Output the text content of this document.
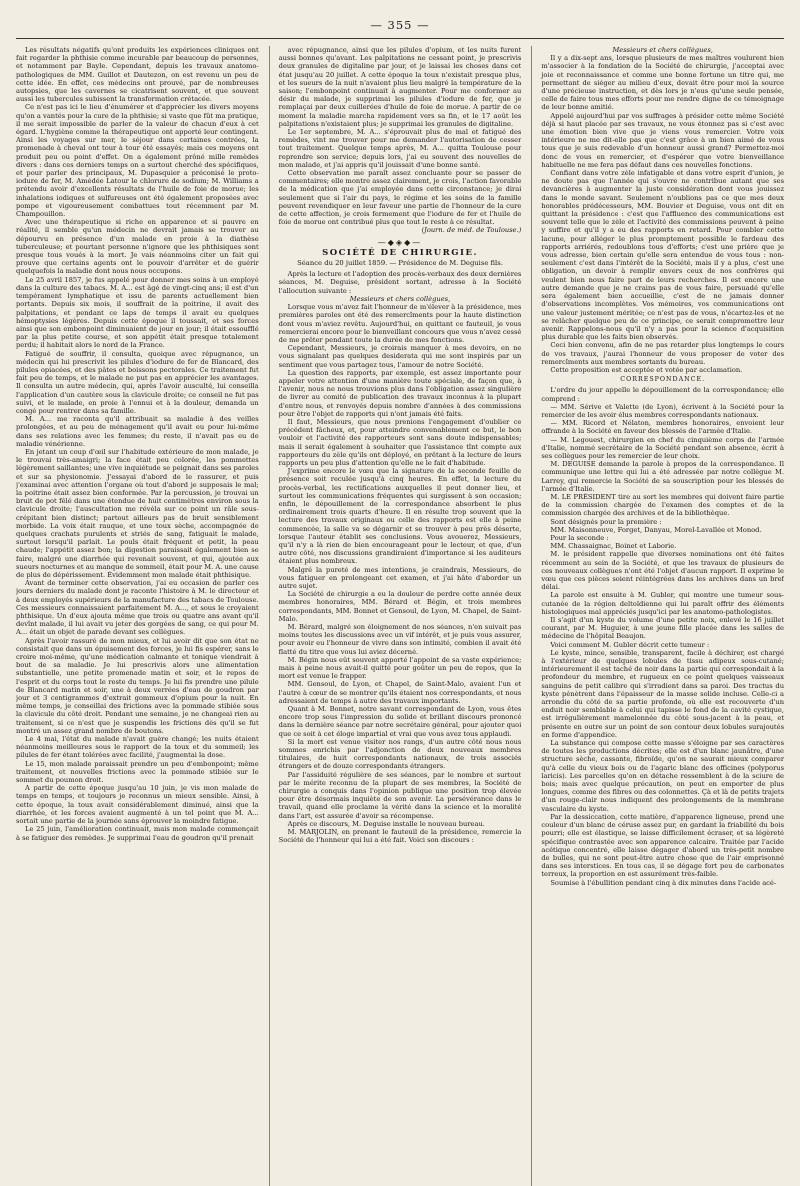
— 355 —

Les résultats négatifs qu'ont produits les expériences cliniques ont fait regarder la phthisie comme incurable par beaucoup de personnes, et notamment par Bayle. Cependant, depuis les travaux anatomo-pathologiques de MM. Guillot et Dautezon, on est revenu un peu de cette idée. En effet, ces médecins ont prouvé, par de nombreuses autopsies, que les cavernes se cicatrisent souvent, et que souvent aussi les tubercules subissent la transformation crétacée.

Ce n'est pas ici le lieu d'énumérer et d'apprécier les divers moyens qu'on a vantés pour la cure de la phthisie; si vaste que fût ma pratique, il me serait impossible de parler de la valeur de chacun d'eux à cet égard. L'hygiène comme la thérapeutique ont apporté leur contingent. Ainsi les voyages sur mer, le séjour dans certaines contrées, la promenade à cheval ont tour à tour été essayés; mais ces moyens ont produit peu ou point d'effet. On a également prôné mille remèdes divers : dans ces derniers temps on a surtout cherché des spécifiques, et pour parler des principaux, M. Dupasquier a préconisé le proto-iodure de fer, M. Amédée Latour le chlorure de sodium; M. Williams a prétendu avoir d'excellents résultats de l'huile de foie de morue; les inhalations iodiques et sulfureuses ont été également proposées avec pompe et vigoureusement combattues tout récemment par M. Champouillon.

Avec une thérapeutique si riche en apparence et si pauvre en réalité, il semble qu'un médecin ne devrait jamais se trouver au dépourvu en présence d'un malade en proie à la diathèse tuberculeuse; et pourtant personne n'ignore que les phthisiques sont presque tous voués à la mort. Je vais néanmoins citer un fait qui prouve que certains agents ont le pouvoir d'arrêter et de guérir quelquefois la maladie dont nous nous occupons.

Le 25 avril 1857, je fus appelé pour donner mes soins à un employé dans la culture des tabacs. M. A... est âgé de vingt-cinq ans; il est d'un tempérament lymphatique et issu de parents actuellement bien portants. Depuis six mois, il souffrait de la poitrine, il avait des palpitations, et pendant ce laps de temps il avait eu quelques hémoptysies légères. Depuis cette époque il toussait, et ses forces ainsi que son embonpoint diminuaient de jour en jour; il était essoufflé par la plus petite course, et son appétit était presque totalement perdu; il habitait alors le nord de la France.

Fatigué de souffrir, il consulta, quoique avec répugnance, un médecin qui lui prescrivit les pilules d'iodure de fer de Blancard, des pilules opiacées, et des pâtes et boissons pectorales. Ce traitement fut fait peu de temps, et le malade ne put pas en apprécier les avantages. Il consulta un autre médecin, qui, après l'avoir ausculté, lui conseilla l'application d'un cautère sous la clavicule droite; ce conseil ne fut pas suivi, et le malade, en proie à l'ennui et à la douleur, demanda un congé pour rentrer dans sa famille.

M. A... me raconta qu'il attribuait sa maladie à des veilles prolongées, et au peu de ménagement qu'il avait eu pour lui-même dans ses relations avec les femmes; du reste, il n'avait pas eu de maladie vénérienne.

En jetant un coup d'œil sur l'habitude extérieure de mon malade, je le trouvai très-amaigri; la face était peu colorée, les pommettes légèrement saillantes; une vive inquiétude se peignait dans ses paroles et sur sa physionomie. J'essayai d'abord de le rassurer, et puis j'examinai avec attention l'organe où tout d'abord je supposais le mal; la poitrine était assez bien conformée. Par la percussion, je trouvai un bruit de pot fêlé dans une étendue de huit centimètres environ sous la clavicule droite; l'auscultation me révéla sur ce point un râle sous-crépitant bien distinct; partout ailleurs pas de bruit sensiblement morbide. La voix était rauque, et une toux sèche, accompagnée de quelques crachats purulents et striés de sang, fatiguait le malade, surtout lorsqu'il parlait. Le pouls était fréquent et petit, la peau chaude; l'appétit assez bon; la digestion paraissait également bien se faire, malgré une diarrhée qui revenait souvent, et qui, ajoutée aux sueurs nocturnes et au manque de sommeil, était pour M. A. une cause de plus de dépérissement. Évidemment mon malade était phthisique.

Avant de terminer cette observation, j'ai eu occasion de parler ces jours derniers du malade dont je raconte l'histoire à M. le directeur et à deux employés supérieurs de la manufacture des tabacs de Toulouse. Ces messieurs connaissaient parfaitement M. A..., et sous le croyaient phthisique. Un d'eux ajouta même que trois ou quatre ans avant qu'il devînt malade, il lui avait vu jeter des gorgées de sang, ce qui pour M. A... était un objet de parade devant ses collègues.

Après l'avoir rassuré de mon mieux, et lui avoir dit que son état ne consistait que dans un épuisement des forces, je lui fis espérer, sans le croire moi-même, qu'une médication calmante et tonique viendrait à bout de sa maladie. Je lui prescrivis alors une alimentation substantielle, une petite promenade matin et soir, et le repos de l'esprit et du corps tout le reste du temps. Je lui fis prendre une pilule de Blancard matin et soir, une à deux verrées d'eau de goudron par jour et 3 centigrammes d'extrait gommeux d'opium pour la nuit. En même temps, je conseillai des frictions avec la pommade stibiée sous la clavicule du côté droit. Pendant une semaine, je ne changeai rien au traitement, si ce n'est que je suspendis les frictions dès qu'il se fut montré un assez grand nombre de boutons.

Le 4 mai, l'état du malade n'avait guère changé; les nuits étaient néanmoins meilleures sous le rapport de la toux et du sommeil; les pilules de fer étant tolérées avec facilité, j'augmentai la dose.

Le 15, mon malade paraissait prendre un peu d'embonpoint; même traitement, et nouvelles frictions avec la pommade stibiée sur le sommet du poumon droit.

A partir de cette époque jusqu'au 10 juin, je vis mon malade de temps en temps, et toujours je reconnus un mieux sensible. Ainsi, à cette époque, la toux avait considérablement diminué, ainsi que la diarrhée, et les forces avaient augmenté à un tel point que M. A... sortait une partie de la journée sans éprouver la moindre fatigue.

Le 25 juin, l'amélioration continuait, mais mon malade commençait à se fatiguer des remèdes. Je supprimai l'eau de goudron qu'il prenait

avec répugnance, ainsi que les pilules d'opium, et les nuits furent aussi bonnes qu'avant. Les palpitations ne cessant point, je prescrivis deux granules de digitaline par jour, et je laissai les choses dans cet état jusqu'au 20 juillet. A cette époque la toux n'existait presque plus, et les sueurs de la nuit n'avaient plus lieu malgré la température de la saison; l'embonpoint continuait à augmenter. Pour me conformer au désir du malade, je supprimai les pilules d'iodure de fer, que je remplaçai par deux cuillerées d'huile de foie de morue. A partir de ce moment la maladie marcha rapidement vers sa fin, et le 17 août les palpitations n'existaient plus; je supprimai les granules de digitaline.

Le 1er septembre, M. A... s'éprouvait plus de mal et fatigué des remèdes, vint me trouver pour me demander l'autorisation de cesser tout traitement. Quelque temps après, M. A... quitta Toulouse pour reprendre son service; depuis lors, j'ai eu souvent des nouvelles de mon malade, et j'ai appris qu'il jouissait d'une bonne santé.

Cette observation me paraît assez concluante pour se passer de commentaires; elle montre assez clairement, je crois, l'action favorable de la médication que j'ai employée dans cette circonstance; je dirai seulement que si l'air du pays, le régime et les soins de la famille peuvent revendiquer en leur faveur une partie de l'honneur de la cure de cette affection, je crois fermement que l'iodure de fer et l'huile de foie de morue ont contribué plus que tout le reste à ce résultat.

(Journ. de méd. de Toulouse.)

—◆◈◆—

SOCIÉTÉ DE CHIRURGIE.

Séance du 20 juillet 1859. — Présidence de M. Deguise fils.

Après la lecture et l'adoption des procès-verbaux des deux dernières séances, M. Deguise, président sortant, adresse à la Société l'allocution suivante :

Messieurs et chers collègues,

Lorsque vous m'avez fait l'honneur de m'élever à la présidence, mes premières paroles ont été des remercîments pour la haute distinction dont vous m'aviez revêtu. Aujourd'hui, en quittant ce fauteuil, je vous remercierai encore pour le bienveillant concours que vous n'avez cessé de me prêter pendant toute la durée de mes fonctions.

Cependant, Messieurs, je croirais manquer à mes devoirs, en ne vous signalant pas quelques desiderata qui me sont inspirés par un sentiment que vous partagez tous, l'amour de notre Société.

La question des rapports, par exemple, est assez importante pour appeler votre attention d'une manière toute spéciale, de façon que, à l'avenir, nous ne nous trouvions plus dans l'obligation assez singulière de livrer au comité de publication des travaux inconnus à la plupart d'entre nous, et renvoyés depuis nombre d'années à des commissions pour être l'objet de rapports qui n'ont jamais été faits.

Il faut, Messieurs, que nous prenions l'engagement d'oublier ce précédent fâcheux, et, pour atteindre convenablement ce but, le bon vouloir et l'activité des rapporteurs sont sans doute indispensables; mais il serait également à souhaiter que l'assistance tînt compte aux rapporteurs du zèle qu'ils ont déployé, en prêtant à la lecture de leurs rapports un peu plus d'attention qu'elle ne le fait d'habitude.

J'exprime encore le vœu que la signature de la seconde feuille de présence soit reculée jusqu'à cinq heures. En effet, la lecture du procès-verbal, les rectifications auxquelles il peut donner lieu, et surtout les communications fréquentes qui surgissent à son occasion; enfin, le dépouillement de la correspondance absorbent le plus ordinairement trois quarts d'heure. Il en résulte trop souvent que la lecture des travaux originaux ou celle des rapports est elle à peine commencée, la salle va se dégarnir et se trouver à peu près déserte, lorsque l'auteur établit ses conclusions. Vous avouerez, Messieurs, qu'il n'y a là rien de bien encourageant pour le lecteur, et que, d'un autre côté, nos discussions grandiraient d'importance si les auditeurs étaient plus nombreux.

Malgré la pureté de mes intentions, je craindrais, Messieurs, de vous fatiguer en prolongeant cet examen, et j'ai hâte d'aborder un autre sujet.

La Société de chirurgie a eu la douleur de perdre cette année deux membres honoraires, MM. Bérard et Bégin, et trois membres correspondants, MM. Bonnet et Gensoul, de Lyon, M. Chapel, de Saint-Malo.

M. Bérard, malgré son éloignement de nos séances, n'en suivait pas moins toutes les discussions avec un vif intérêt, et je puis vous assurer, pour avoir eu l'honneur de vivre dans son intimité, combien il avait été flatté du titre que vous lui aviez décerné.

M. Bégin nous eût souvent apporté l'appoint de sa vaste expérience; mais à peine nous avait-il quitté pour goûter un peu de repos, que la mort est venue le frapper.

MM. Gensoul, de Lyon, et Chapel, de Saint-Malo, avaient l'un et l'autre à cœur de se montrer qu'ils étaient nos correspondants, et nous adressaient de temps à autre des travaux importants.

Quant à M. Bonnet, notre savant correspondant de Lyon, vous êtes encore trop sous l'impression du solide et brillant discours prononcé dans la dernière séance par notre secrétaire général, pour ajouter quoi que ce soit à cet éloge impartial et vrai que vous avez tous applaudi.

Si la mort est venue visiter nos rangs, d'un autre côté nous nous sommes enrichis par l'adjonction de deux nouveaux membres titulaires, de huit correspondants nationaux, de trois associés étrangers et de douze correspondants étrangers.

Par l'assiduité régulière de ses séances, par le nombre et surtout par le mérite reconnu de la plupart de ses membres, la Société de chirurgie a conquis dans l'opinion publique une position trop élevée pour être désormais inquiète de son avenir. La persévérance dans le travail, quand elle proclame la vérité dans la science et la moralité dans l'art, est assurée d'avoir sa récompense.

Après ce discours, M. Deguise installe le nouveau bureau.

M. MARJOLIN, en prenant le fauteuil de la présidence, remercie la Société de l'honneur qui lui a été fait. Voici son discours :

Messieurs et chers collègues,

Il y a dix-sept ans, lorsque plusieurs de mes maîtres voulurent bien m'associer à la fondation de la Société de chirurgie, j'acceptai avec joie et reconnaissance et comme une bonne fortune un titre qui, me permettant de siéger au milieu d'eux, devait être pour moi la source d'une précieuse instruction, et dès lors je n'eus qu'une seule pensée, celle de faire tous mes efforts pour me rendre digne de ce témoignage de leur bonne amitié.

Appelé aujourd'hui par vos suffrages à présider cette même Société déjà si haut placée par ses travaux, ne vous étonnez pas si c'est avec une émotion bien vive que je viens vous remercier. Votre voix intérieure ne me dit-elle pas que c'est grâce à un bien aimé de vous tous que je suis redevable d'un honneur aussi grand? Permettez-moi donc de vous en remercier, et d'espérer que votre bienveillance habituelle ne me fera pas défaut dans ces nouvelles fonctions.

Confiant dans votre zèle infatigable et dans votre esprit d'union, je ne doute pas que l'année qui s'ouvre ne contribue autant que ses devancières à augmenter la juste considération dont vous jouissez dans le monde savant. Seulement n'oublions pas ce que mes deux honorables prédécesseurs, MM. Bouvier et Deguise, vous ont dit en quittant la présidence : c'est que l'affluence des communications est souvent telle que le zèle et l'activité des commissions peuvent à peine y suffire et qu'il y a eu des rapports en retard. Pour combler cette lacune, pour alléger le plus promptement possible le fardeau des rapports arriérés, redoublons tous d'efforts; c'est une prière que je vous adresse, bien certain qu'elle sera entendue de vous tous : non-seulement c'est dans l'intérêt de la Société, mais il y a plus, c'est une obligation, un devoir à remplir envers ceux de nos confrères qui veulent bien nous faire part de leurs recherches. Il est encore une autre demande que je ne crains pas de vous faire, persuadé qu'elle sera également bien accueillie, c'est de ne jamais donner d'observations incomplètes. Vos mémoires, vos communications ont une valeur justement méritée; ce n'est pas de vous, n'écartez-les et ne se relâcher quelque peu de ce principe, ce serait compromettre leur avenir. Rappelons-nous qu'il n'y a pas pour la science d'acquisition plus durable que les faits bien observés.

Ceci bien convenu, afin de ne pas retarder plus longtemps le cours de vos travaux, j'aurai l'honneur de vous proposer de voter des remercîments aux membres sortants du bureau.

Cette proposition est acceptée et votée par acclamation.

CORRESPONDANCE.

L'ordre du jour appelle le dépouillement de la correspondance; elle comprend :

— MM. Sérive et Valette (de Lyon), écrivent à la Société pour la remercier de les avoir élus membres correspondants nationaux.

— MM. Ricord et Nélaton, membres honoraires, envoient leur offrande à la Société en faveur des blessés de l'armée d'Italie.

— M. Legouest, chirurgien en chef du cinquième corps de l'armée d'Italie, nommé secrétaire de la Société pendant son absence, écrit à ses collègues pour les remercier de leur choix.

M. DEGUISE demande la parole à propos de la correspondance. Il communique une lettre qui lui a été adressée par notre collègue M. Larrey, qui remercie la Société de sa souscription pour les blessés de l'armée d'Italie.

M. LE PRÉSIDENT tire au sort les membres qui doivent faire partie de la commission chargée de l'examen des comptes et de la commission chargée des archives et de la bibliothèque.

Sont désignés pour la première :

MM. Maisonneuve, Forget, Danyau, Morel-Lavallée et Monod.

Pour la seconde :

MM. Chassaignac, Boinet et Laborie.

M. le président rappelle que diverses nominations ont été faites récemment au sein de la Société, et que les travaux de plusieurs de ces nouveaux collègues n'ont été l'objet d'aucun rapport. Il exprime le vœu que ces pièces soient réintégrées dans les archives dans un bref délai.

La parole est ensuite à M. Gubler, qui montre une tumeur sous-cutanée de la région deltoïdienne qui lui paraît offrir des éléments histologiques mal appréciés jusqu'ici par les anatomo-pathologistes.

Il s'agit d'un kyste du volume d'une petite noix, enlevé le 16 juillet courant, par M. Huguier, à une jeune fille placée dans les salles de médecine de l'hôpital Beaujon.

Voici comment M. Gubler décrit cette tumeur :

Le kyste, mince, sensible, transparent, facile à déchirer, est chargé à l'extérieur de quelques lobules de tissu adipeux sous-cutané; intérieurement il est taché de noir dans la partie qui correspondait à la profondeur du membre, et rugueux en ce point quelques vaisseaux sanguins de petit calibre qui s'irradient dans sa paroi. Des tractus du kyste pénètrent dans l'épaisseur de la masse solide incluse. Celle-ci a arrondie du côté de sa partie profonde, où elle est recouverte d'un enduit noir semblable à celui qui tapisse le fond de la cavité cystique, est irrégulièrement mamelonnée du côté sous-jacent à la peau, et présente en outre sur un point de son contour deux lobules surajoutés en forme d'appendice.

La substance qui compose cette masse s'éloigne par ses caractères de toutes les productions décrites; elle est d'un blanc jaunâtre, d'une structure sèche, cassante, fibroïde, qu'on ne saurait mieux comparer qu'à celle du vieux bois ou de l'agaric blanc des officines (polyporus laricis). Les parcelles qu'on en détache ressemblent à de la sciure de bois; mais avec quelque précaution, on peut en emporter de plus longues, comme des fibres ou des colonnettes. Çà et là de petits trajets d'un rouge-clair nous indiquent des prolongements de la membrane vasculaire du kyste.

Par la dessiccation, cette matière, d'apparence ligneuse, prend une couleur d'un blanc de céruse assez pur, en gardant la friabilité du bois pourri; elle est élastique, se laisse difficilement écraser, et sa légèreté spécifique contrastée avec son apparence calcaire. Traitée par l'acide acétique concentré, elle laisse dégager d'abord un très-petit nombre de bulles, qui ne sont peut-être autre chose que de l'air emprisonné dans ses interstices. En tous cas, il se dégage fort peu de carbonates terreux, la proportion en est assurément très-faible.

Soumise à l'ébullition pendant cinq à dix minutes dans l'acide acé-
